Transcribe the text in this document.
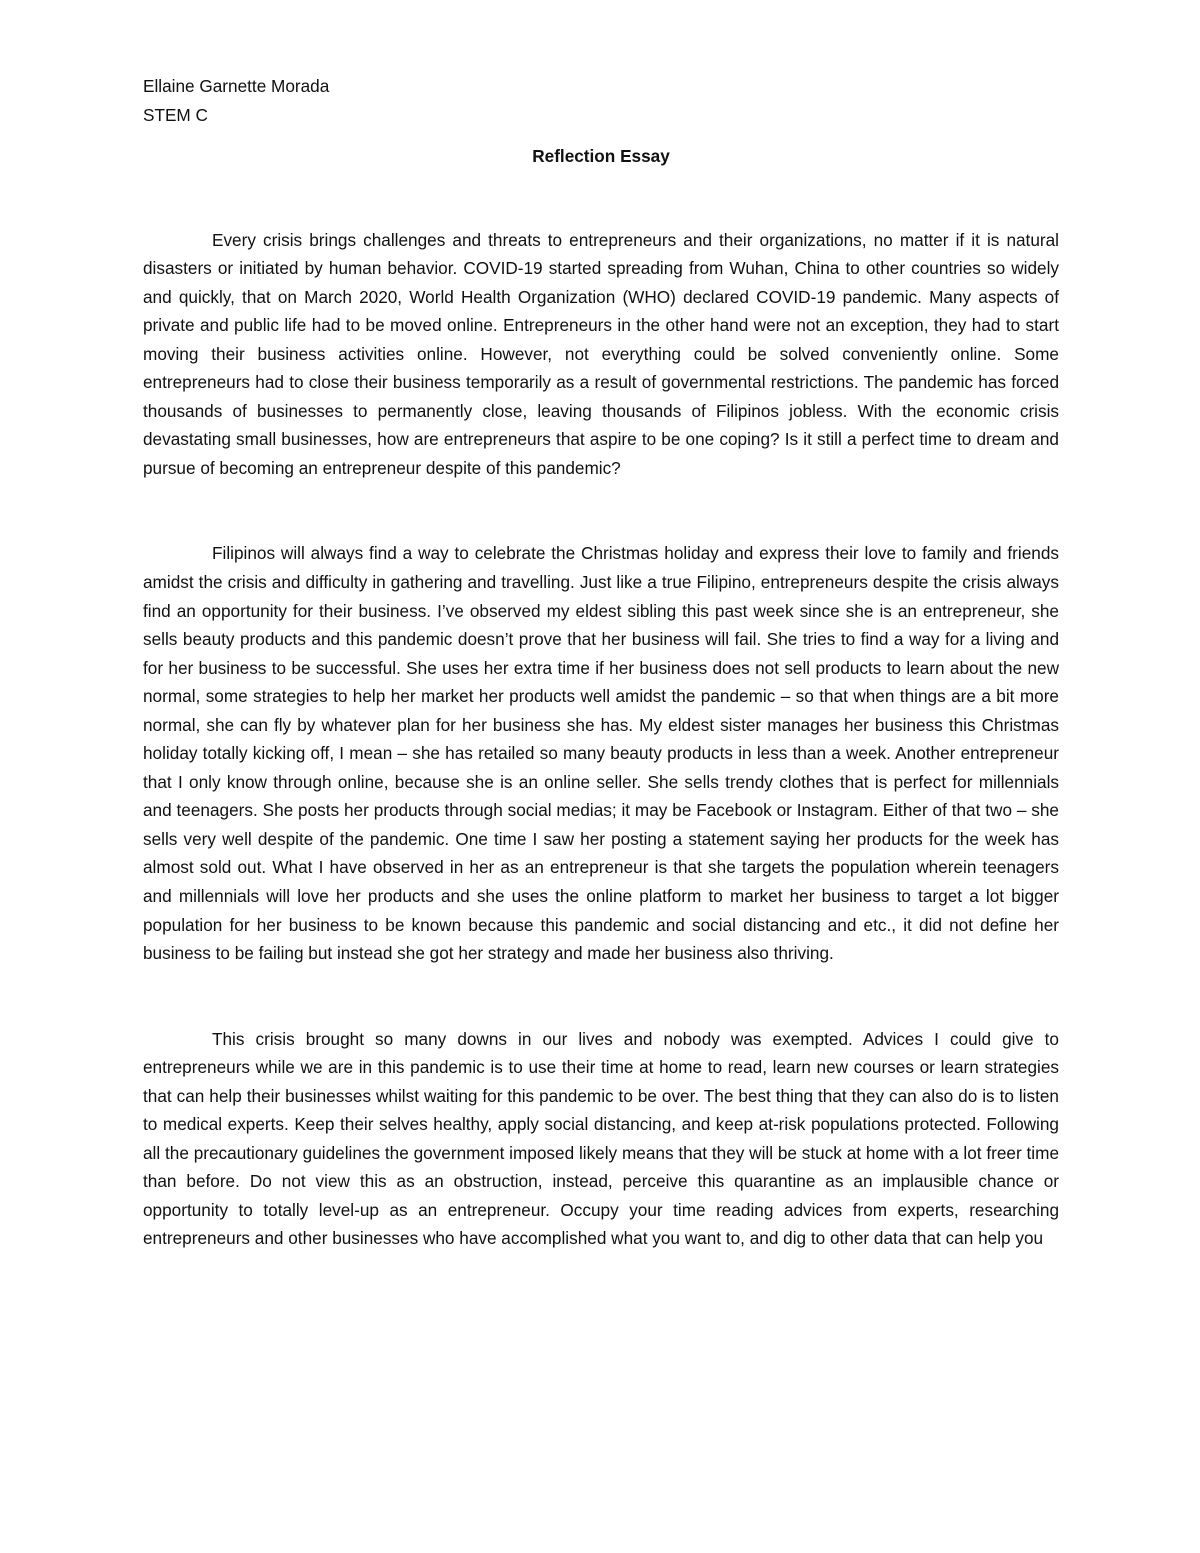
Ellaine Garnette Morada

STEM C

Reflection Essay

Every crisis brings challenges and threats to entrepreneurs and their organizations, no matter if it is natural disasters or initiated by human behavior. COVID-19 started spreading from Wuhan, China to other countries so widely and quickly, that on March 2020, World Health Organization (WHO) declared COVID-19 pandemic. Many aspects of private and public life had to be moved online. Entrepreneurs in the other hand were not an exception, they had to start moving their business activities online. However, not everything could be solved conveniently online. Some entrepreneurs had to close their business temporarily as a result of governmental restrictions. The pandemic has forced thousands of businesses to permanently close, leaving thousands of Filipinos jobless. With the economic crisis devastating small businesses, how are entrepreneurs that aspire to be one coping? Is it still a perfect time to dream and pursue of becoming an entrepreneur despite of this pandemic?

Filipinos will always find a way to celebrate the Christmas holiday and express their love to family and friends amidst the crisis and difficulty in gathering and travelling. Just like a true Filipino, entrepreneurs despite the crisis always find an opportunity for their business. I’ve observed my eldest sibling this past week since she is an entrepreneur, she sells beauty products and this pandemic doesn’t prove that her business will fail. She tries to find a way for a living and for her business to be successful. She uses her extra time if her business does not sell products to learn about the new normal, some strategies to help her market her products well amidst the pandemic – so that when things are a bit more normal, she can fly by whatever plan for her business she has. My eldest sister manages her business this Christmas holiday totally kicking off, I mean – she has retailed so many beauty products in less than a week. Another entrepreneur that I only know through online, because she is an online seller. She sells trendy clothes that is perfect for millennials and teenagers. She posts her products through social medias; it may be Facebook or Instagram. Either of that two – she sells very well despite of the pandemic. One time I saw her posting a statement saying her products for the week has almost sold out. What I have observed in her as an entrepreneur is that she targets the population wherein teenagers and millennials will love her products and she uses the online platform to market her business to target a lot bigger population for her business to be known because this pandemic and social distancing and etc., it did not define her business to be failing but instead she got her strategy and made her business also thriving.

This crisis brought so many downs in our lives and nobody was exempted. Advices I could give to entrepreneurs while we are in this pandemic is to use their time at home to read, learn new courses or learn strategies that can help their businesses whilst waiting for this pandemic to be over. The best thing that they can also do is to listen to medical experts. Keep their selves healthy, apply social distancing, and keep at-risk populations protected. Following all the precautionary guidelines the government imposed likely means that they will be stuck at home with a lot freer time than before. Do not view this as an obstruction, instead, perceive this quarantine as an implausible chance or opportunity to totally level-up as an entrepreneur. Occupy your time reading advices from experts, researching entrepreneurs and other businesses who have accomplished what you want to, and dig to other data that can help you
